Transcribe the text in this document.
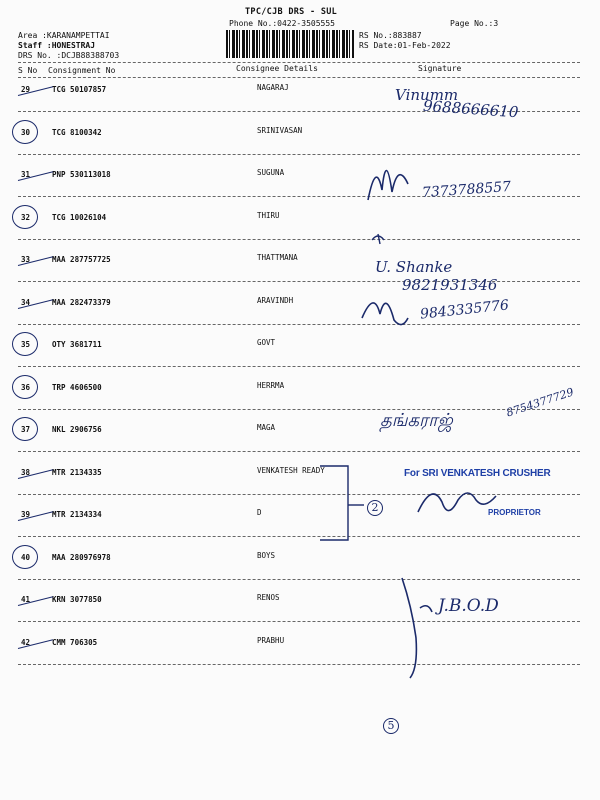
TPC/CJB DRS - SUL
Phone No.:0422-3505555	Page No.:3
Area :KARANAMPETTAI
Staff :HONESTRAJ
DRS No. :DCJB88388703
RS No.:883887
RS Date:01-Feb-2022
S No Consignment No	Consignee Details	Signature
29	TCG 50107857	NAGARAJ
30	TCG 8100342	SRINIVASAN
31	PNP 530113018	SUGUNA
32	TCG 10026104	THIRU
33	MAA 287757725	THATTMANA
34	MAA 282473379	ARAVINDH
35	OTY 3681711	GOVT
36	TRP 4606500	HERRMA
37	NKL 2906756	MAGA
38	MTR 2134335	VENKATESH READY
39	MTR 2134334	D
40	MAA 280976978	BOYS
41	KRN 3077850	RENOS
42	CMM 706305	PRABHU
Vinumm
9688666610
7373788557
U. Shanke
9821931346
9843335776
தங்கராஜ்
8754377729
2
J.B.O.D
5
For SRI VENKATESH CRUSHER
PROPRIETOR
